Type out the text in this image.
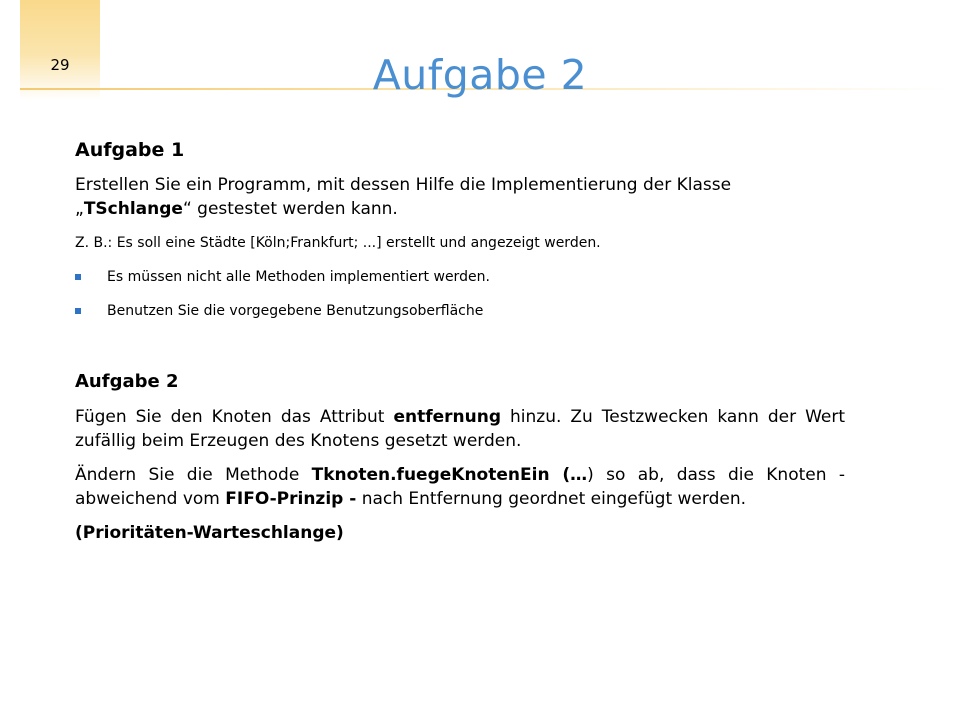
29	Aufgabe 2

Aufgabe 1

Erstellen Sie ein Programm, mit dessen Hilfe die Implementierung der Klasse „TSchlange“ gestestet werden kann.

Z. B.: Es soll eine Städte [Köln;Frankfurt; ...] erstellt und angezeigt werden.

Es müssen nicht alle Methoden implementiert werden.
Benutzen Sie die vorgegebene Benutzungsoberfläche

Aufgabe 2

Fügen Sie den Knoten das Attribut entfernung hinzu. Zu Testzwecken kann der Wert zufällig beim Erzeugen des Knotens gesetzt werden.

Ändern Sie die Methode Tknoten.fuegeKnotenEin (…) so ab, dass die Knoten - abweichend vom FIFO-Prinzip - nach Entfernung geordnet eingefügt werden.

(Prioritäten-Warteschlange)
